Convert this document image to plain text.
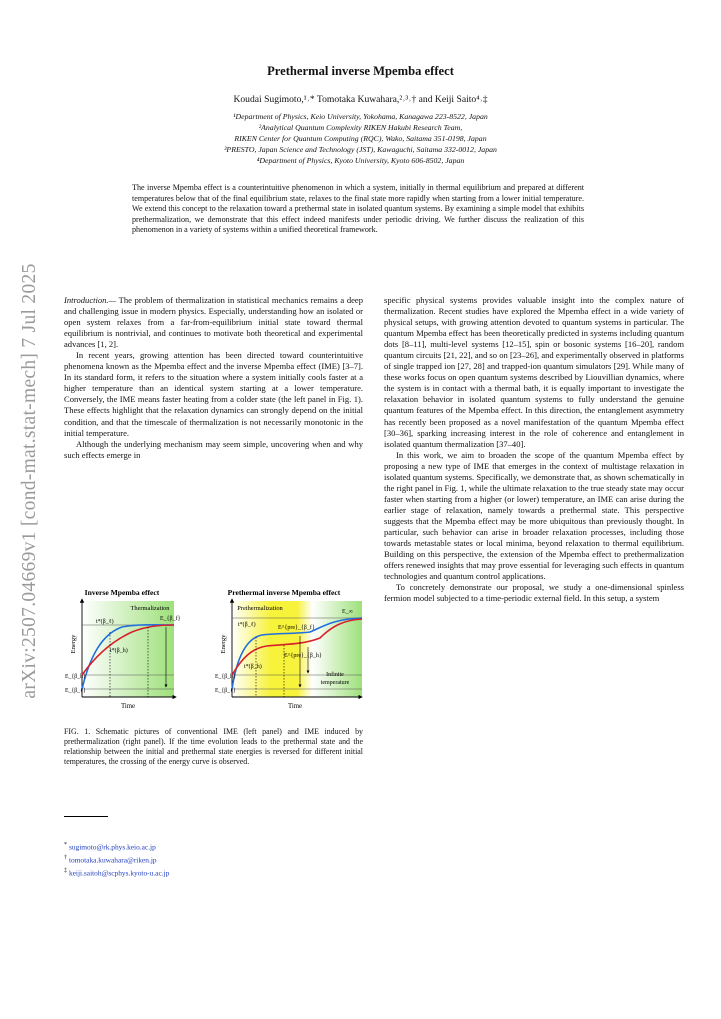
arXiv:2507.04669v1 [cond-mat.stat-mech] 7 Jul 2025
Prethermal inverse Mpemba effect
Koudai Sugimoto,¹˒* Tomotaka Kuwahara,²˒³˒† and Keiji Saito⁴˒‡
¹Department of Physics, Keio University, Yokohama, Kanagawa 223-8522, Japan
²Analytical Quantum Complexity RIKEN Hakubi Research Team,
RIKEN Center for Quantum Computing (RQC), Wako, Saitama 351-0198, Japan
³PRESTO, Japan Science and Technology (JST), Kawaguchi, Saitama 332-0012, Japan
⁴Department of Physics, Kyoto University, Kyoto 606-8502, Japan
The inverse Mpemba effect is a counterintuitive phenomenon in which a system, initially in thermal equilibrium and prepared at different temperatures below that of the final equilibrium state, relaxes to the final state more rapidly when starting from a lower initial temperature. We extend this concept to the relaxation toward a prethermal state in isolated quantum systems. By examining a simple model that exhibits prethermalization, we demonstrate that this effect indeed manifests under periodic driving. We further discuss the realization of this phenomenon in a variety of systems within a unified theoretical framework.

Introduction.— The problem of thermalization in statistical mechanics remains a deep and challenging issue in modern physics. Especially, understanding how an isolated or open system relaxes from a far-from-equilibrium initial state toward thermal equilibrium is nontrivial, and continues to motivate both theoretical and experimental advances [1, 2].

In recent years, growing attention has been directed toward counterintuitive phenomena known as the Mpemba effect and the inverse Mpemba effect (IME) [3–7]. In its standard form, it refers to the situation where a system initially cools faster at a higher temperature than an identical system starting at a lower temperature. Conversely, the IME means faster heating from a colder state (the left panel in Fig. 1). These effects highlight that the relaxation dynamics can strongly depend on the initial condition, and that the timescale of thermalization is not necessarily monotonic in the initial temperature.

Although the underlying mechanism may seem simple, uncovering when and why such effects emerge in

specific physical systems provides valuable insight into the complex nature of thermalization. Recent studies have explored the Mpemba effect in a wide variety of physical setups, with growing attention devoted to quantum systems in particular. The quantum Mpemba effect has been theoretically predicted in systems including quantum dots [8–11], multi-level systems [12–15], spin or bosonic systems [16–20], random quantum circuits [21, 22], and so on [23–26], and experimentally observed in platforms of single trapped ion [27, 28] and trapped-ion quantum simulators [29]. While many of these works focus on open quantum systems described by Liouvillian dynamics, where the system is in contact with a thermal bath, it is equally important to investigate the relaxation behavior in isolated quantum systems to fully understand the genuine quantum features of the Mpemba effect. In this direction, the entanglement asymmetry has recently been proposed as a novel manifestation of the quantum Mpemba effect [30–36], sparking increasing interest in the role of coherence and entanglement in isolated quantum thermalization [37–40].

In this work, we aim to broaden the scope of the quantum Mpemba effect by proposing a new type of IME that emerges in the context of multistage relaxation in isolated quantum systems. Specifically, we demonstrate that, as shown schematically in the right panel in Fig. 1, while the ultimate relaxation to the true steady state may occur faster when starting from a higher (or lower) temperature, an IME can arise during the earlier stage of relaxation, namely towards a prethermal state. This perspective suggests that the Mpemba effect may be more ubiquitous than previously thought. In particular, such behavior can arise in broader relaxation processes, including those towards metastable states or local minima, beyond relaxation to thermal equilibrium. Building on this perspective, the extension of the Mpemba effect to prethermalization offers renewed insights that may prove essential for leveraging such effects in quantum technologies and quantum control applications.

To concretely demonstrate our proposal, we study a one-dimensional spinless fermion model subjected to a time-periodic external field. In this setup, a system

Inverse Mpemba effect	Prethermal inverse Mpemba effect
Thermalization
Energy
Time
t*(β_ℓ)
t*(β_h)
E_{β_f}
E_{β_h}
E_{β_ℓ}
Prethermalization
Energy
Time
t*(β_ℓ)
t*(β_h)
E^{pre}_{β_f}
E^{pre}_{β_h}
E_∞
E_{β_h}
E_{β_ℓ}
Infinite
temperature
FIG. 1. Schematic pictures of conventional IME (left panel) and IME induced by prethermalization (right panel). If the time evolution leads to the prethermal state and the relationship between the initial and prethermal state energies is reversed for different initial temperatures, the crossing of the energy curve is observed.
* sugimoto@rk.phys.keio.ac.jp
† tomotaka.kuwahara@riken.jp
‡ keiji.saitoh@scphys.kyoto-u.ac.jp
